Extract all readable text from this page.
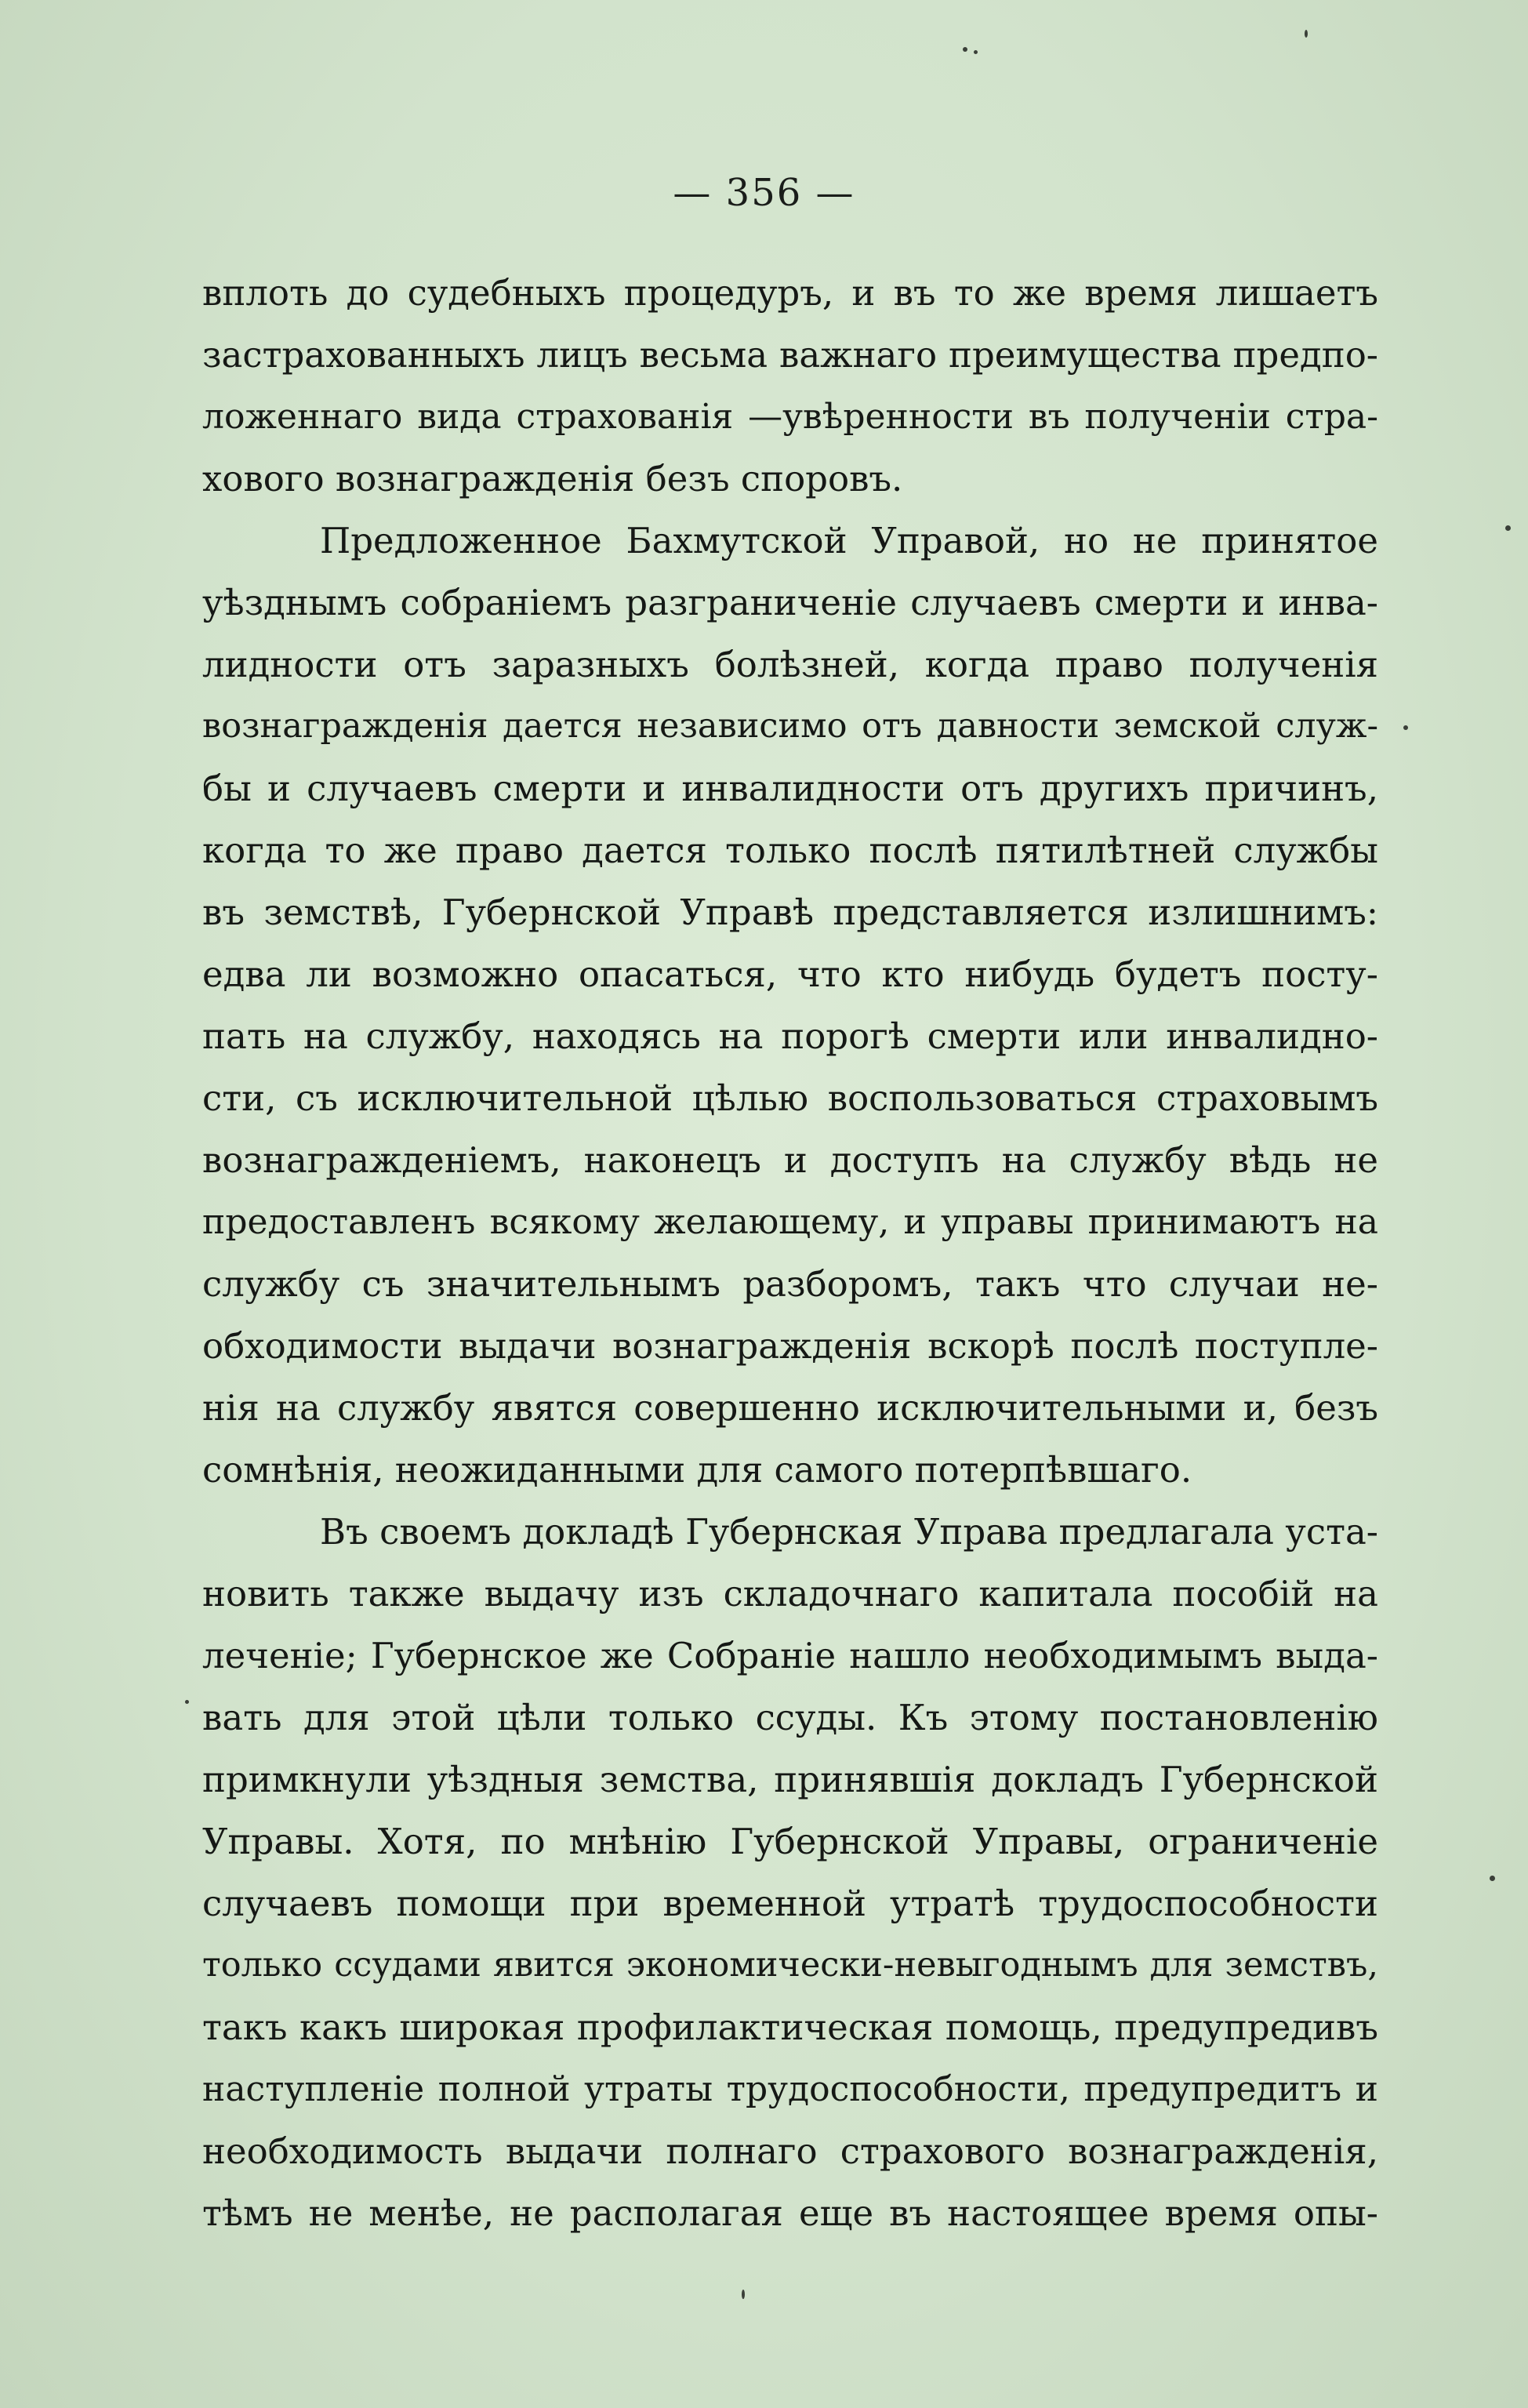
— 356 —
вплоть до судебныхъ процедуръ, и въ то же время лишаетъ
застрахованныхъ лицъ весьма важнаго преимущества предпо-
ложеннаго вида страхованія —увѣренности въ полученіи стра-
хового вознагражденія безъ споровъ.
Предложенное Бахмутской Управой, но не принятое
уѣзднымъ собраніемъ разграниченіе случаевъ смерти и инва-
лидности отъ заразныхъ болѣзней, когда право полученія
вознагражденія дается независимо отъ давности земской служ-
бы и случаевъ смерти и инвалидности отъ другихъ причинъ,
когда то же право дается только послѣ пятилѣтней службы
въ земствѣ, Губернской Управѣ представляется излишнимъ:
едва ли возможно опасаться, что кто нибудь будетъ посту-
пать на службу, находясь на порогѣ смерти или инвалидно-
сти, съ исключительной цѣлью воспользоваться страховымъ
вознагражденіемъ, наконецъ и доступъ на службу вѣдь не
предоставленъ всякому желающему, и управы принимаютъ на
службу съ значительнымъ разборомъ, такъ что случаи не-
обходимости выдачи вознагражденія вскорѣ послѣ поступле-
нія на службу явятся совершенно исключительными и, безъ
сомнѣнія, неожиданными для самого потерпѣвшаго.
Въ своемъ докладѣ Губернская Управа предлагала уста-
новить также выдачу изъ складочнаго капитала пособій на
леченіе; Губернское же Собраніе нашло необходимымъ выда-
вать для этой цѣли только ссуды. Къ этому постановленію
примкнули уѣздныя земства, принявшія докладъ Губернской
Управы. Хотя, по мнѣнію Губернской Управы, ограниченіе
случаевъ помощи при временной утратѣ трудоспособности
только ссудами явится экономически-невыгоднымъ для земствъ,
такъ какъ широкая профилактическая помощь, предупредивъ
наступленіе полной утраты трудоспособности, предупредитъ и
необходимость выдачи полнаго страхового вознагражденія,
тѣмъ не менѣе, не располагая еще въ настоящее время опы-
